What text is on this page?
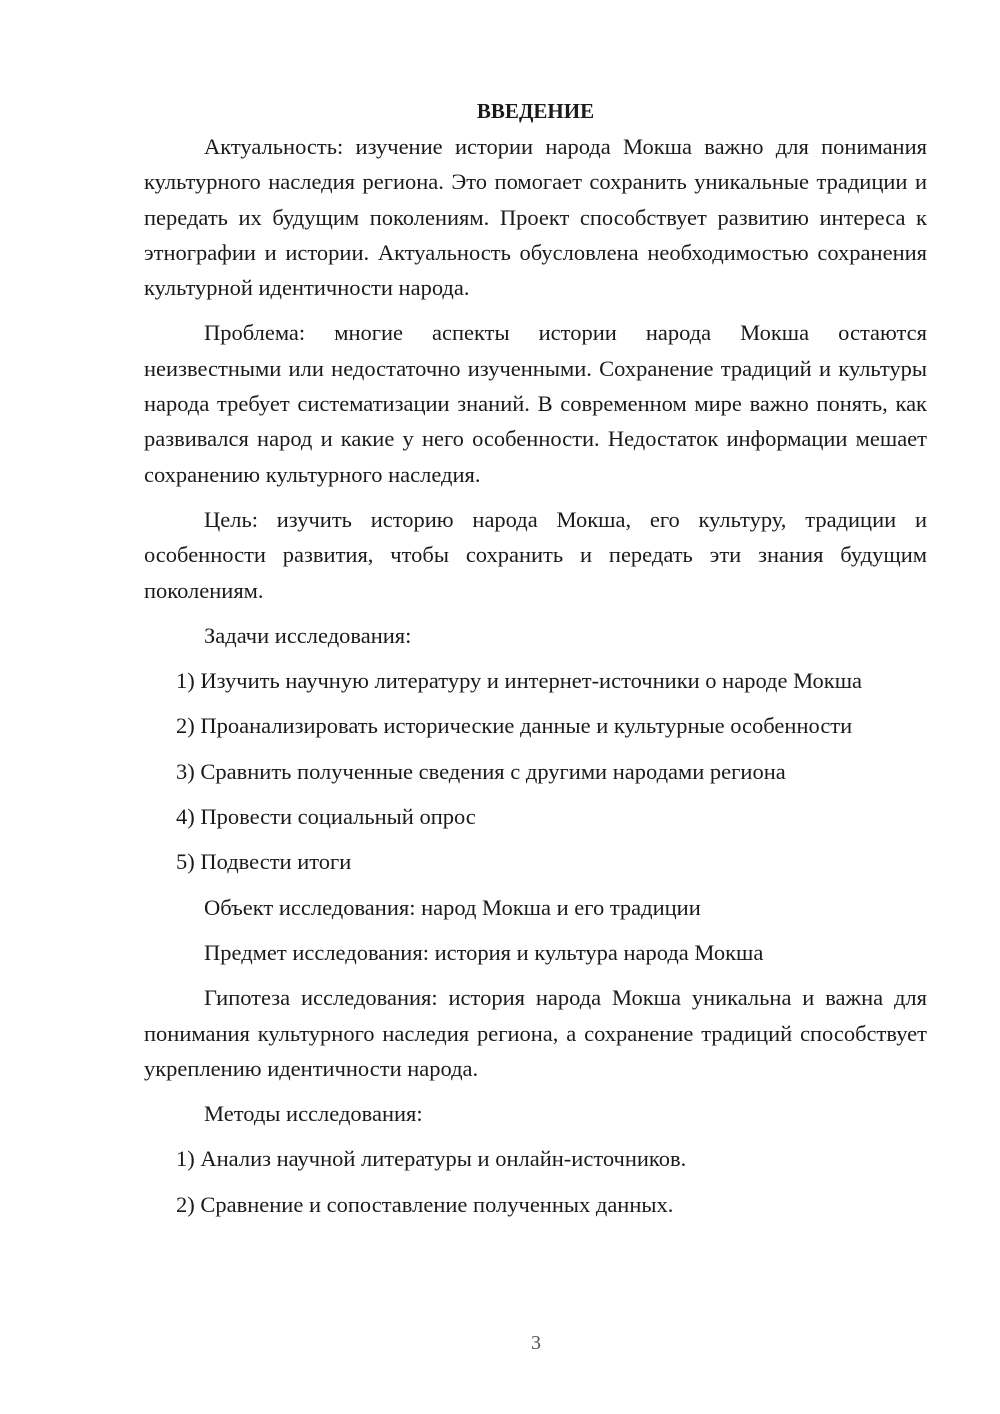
ВВЕДЕНИЕ

Актуальность: изучение истории народа Мокша важно для понимания культурного наследия региона. Это помогает сохранить уникальные традиции и передать их будущим поколениям. Проект способствует развитию интереса к этнографии и истории. Актуальность обусловлена необходимостью сохранения культурной идентичности народа.

Проблема: многие аспекты истории народа Мокша остаются неизвестными или недостаточно изученными. Сохранение традиций и культуры народа требует систематизации знаний. В современном мире важно понять, как развивался народ и какие у него особенности. Недостаток информации мешает сохранению культурного наследия.

Цель: изучить историю народа Мокша, его культуру, традиции и особенности развития, чтобы сохранить и передать эти знания будущим поколениям.

Задачи исследования:

1) Изучить научную литературу и интернет-источники о народе Мокша

2) Проанализировать исторические данные и культурные особенности

3) Сравнить полученные сведения с другими народами региона

4) Провести социальный опрос

5) Подвести итоги

Объект исследования: народ Мокша и его традиции

Предмет исследования: история и культура народа Мокша

Гипотеза исследования: история народа Мокша уникальна и важна для понимания культурного наследия региона, а сохранение традиций способствует укреплению идентичности народа.

Методы исследования:

1) Анализ научной литературы и онлайн-источников.

2) Сравнение и сопоставление полученных данных.

3
